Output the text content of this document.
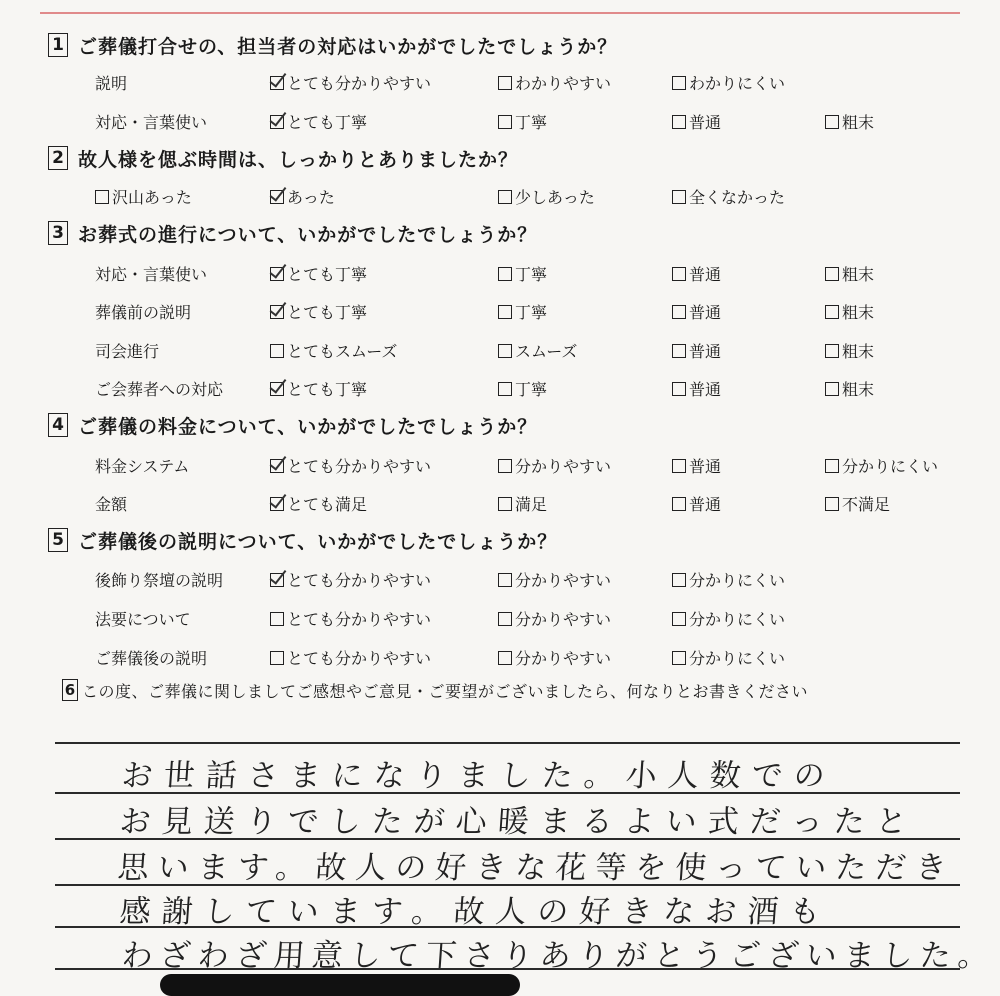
1 ご葬儀打合せの、担当者の対応はいかがでしたでしょうか？
説明	とても分かりやすい	わかりやすい	わかりにくい
対応・言葉使い	とても丁寧	丁寧	普通	粗末
2 故人様を偲ぶ時間は、しっかりとありましたか？
沢山あった	あった	少しあった	全くなかった
3 お葬式の進行について、いかがでしたでしょうか？
対応・言葉使い	とても丁寧	丁寧	普通	粗末
葬儀前の説明	とても丁寧	丁寧	普通	粗末
司会進行	とてもスムーズ	スムーズ	普通	粗末
ご会葬者への対応	とても丁寧	丁寧	普通	粗末
4 ご葬儀の料金について、いかがでしたでしょうか？
料金システム	とても分かりやすい	分かりやすい	普通	分かりにくい
金額	とても満足	満足	普通	不満足
5 ご葬儀後の説明について、いかがでしたでしょうか？
後飾り祭壇の説明	とても分かりやすい	分かりやすい	分かりにくい
法要について	とても分かりやすい	分かりやすい	分かりにくい
ご葬儀後の説明	とても分かりやすい	分かりやすい	分かりにくい
6 この度、ご葬儀に関しましてご感想やご意見・ご要望がございましたら、何なりとお書きください
お世話さまになりました。小人数での
お見送りでしたが心暖まるよい式だったと
思います。故人の好きな花等を使っていただき
感謝しています。故人の好きなお酒も
わざわざ用意して下さりありがとうございました。
